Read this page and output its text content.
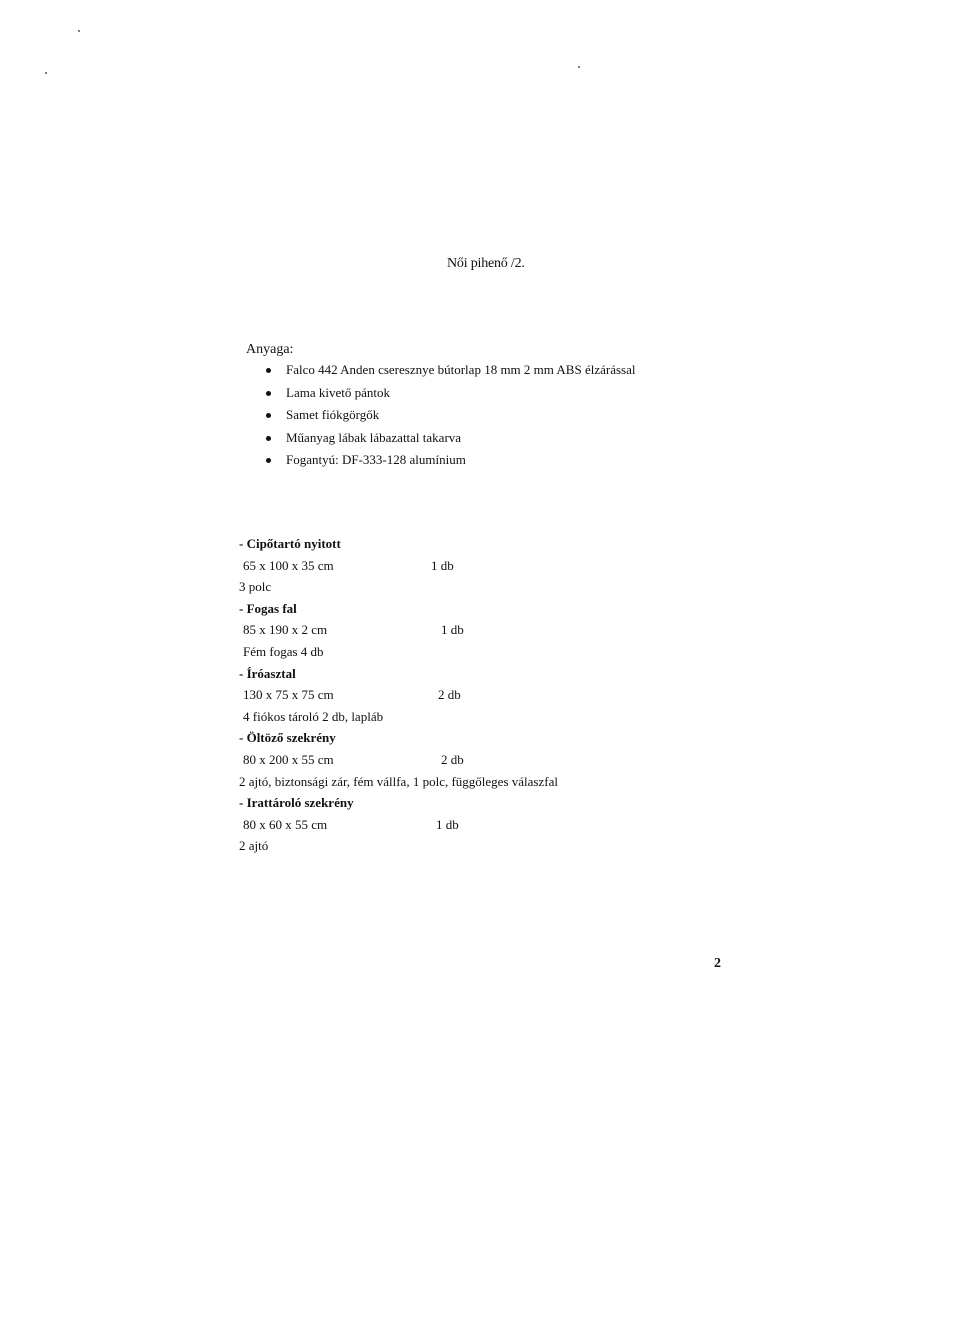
Női pihenő /2.
Anyaga:
Falco 442 Anden cseresznye bútorlap 18 mm 2 mm ABS élzárással
Lama kivető pántok
Samet fiókgörgők
Műanyag lábak lábazattal takarva
Fogantyú: DF-333-128 alumínium
- Cipőtartó nyitott
65 x 100 x 35 cm	1 db
3 polc
- Fogas fal
85 x 190 x 2 cm	1 db
Fém fogas 4 db
- Íróasztal
130 x 75 x 75 cm	2 db
4 fiókos tároló 2 db, lapláb
- Öltöző szekrény
80 x 200 x 55 cm	2 db
2 ajtó, biztonsági zár, fém vállfa, 1 polc, függőleges válaszfal
- Irattároló szekrény
80 x 60 x 55 cm	1 db
2 ajtó
2
